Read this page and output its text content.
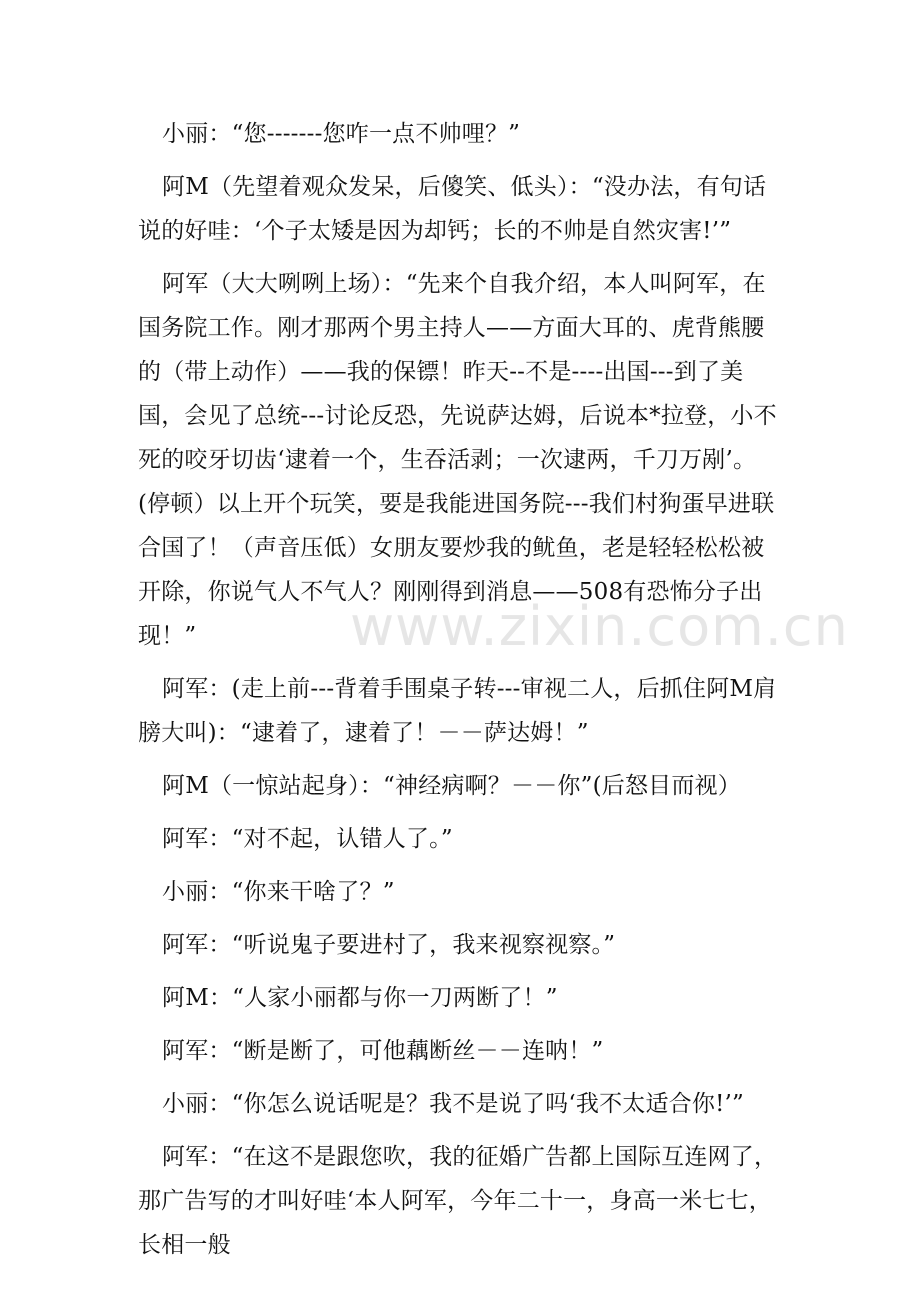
www.zixin.com.cn

小丽：“您-------您咋一点不帅哩？”

阿M（先望着观众发呆，后傻笑、低头）：“没办法，有句话说的好哇：‘个子太矮是因为却钙；长的不帅是自然灾害!’”

阿军（大大咧咧上场）：“先来个自我介绍，本人叫阿军，在国务院工作。刚才那两个男主持人——方面大耳的、虎背熊腰的（带上动作）——我的保镖！昨天--不是----出国---到了美国，会见了总统---讨论反恐，先说萨达姆，后说本*拉登，小不死的咬牙切齿‘逮着一个，生吞活剥；一次逮两，千刀万剐’。(停顿）以上开个玩笑，要是我能进国务院---我们村狗蛋早进联合国了！（声音压低）女朋友要炒我的鱿鱼，老是轻轻松松被开除，你说气人不气人？刚刚得到消息——508有恐怖分子出现！”

阿军：(走上前---背着手围桌子转---审视二人，后抓住阿M肩膀大叫)：“逮着了，逮着了！－－萨达姆！”

阿M（一惊站起身）：“神经病啊？－－你”(后怒目而视）

阿军：“对不起，认错人了。”

小丽：“你来干啥了？”

阿军：“听说鬼子要进村了，我来视察视察。”

阿M：“人家小丽都与你一刀两断了！”

阿军：“断是断了，可他藕断丝－－连呐！”

小丽：“你怎么说话呢是？我不是说了吗‘我不太适合你!’”

阿军：“在这不是跟您吹，我的征婚广告都上国际互连网了，那广告写的才叫好哇‘本人阿军，今年二十一，身高一米七七，长相一般
